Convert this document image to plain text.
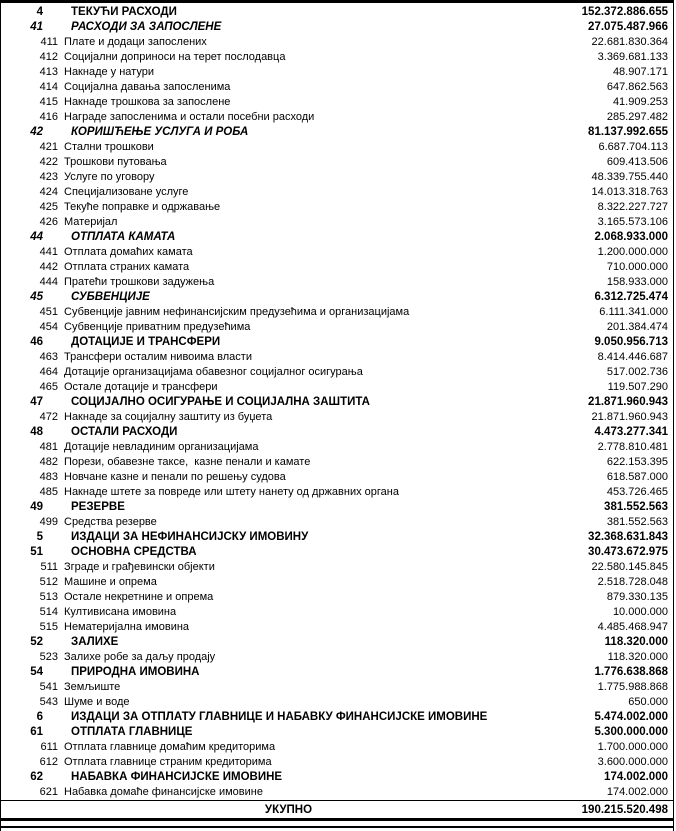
4	ТЕКУЋИ РАСХОДИ	152.372.886.655
41	РАСХОДИ ЗА ЗАПОСЛЕНЕ	27.075.487.966
411 Плате и додаци запослених	22.681.830.364
412 Социјални доприноси на терет послодавца	3.369.681.133
413 Накнаде у натури	48.907.171
414 Социјална давања запосленима	647.862.563
415 Накнаде трошкова за запослене	41.909.253
416 Награде запосленима и остали посебни расходи	285.297.482
42	КОРИШЋЕЊЕ УСЛУГА И РОБА	81.137.992.655
421 Стални трошкови	6.687.704.113
422 Трошкови путовања	609.413.506
423 Услуге по уговору	48.339.755.440
424 Специјализоване услуге	14.013.318.763
425 Текуће поправке и одржавање	8.322.227.727
426 Материјал	3.165.573.106
44	ОТПЛАТА КАМАТА	2.068.933.000
441 Отплата домаћих камата	1.200.000.000
442 Отплата страних камата	710.000.000
444 Пратећи трошкови задужења	158.933.000
45	СУБВЕНЦИЈЕ	6.312.725.474
451 Субвенције јавним нефинансијским предузећима и организацијама	6.111.341.000
454 Субвенције приватним предузећима	201.384.474
46	ДОТАЦИЈЕ И ТРАНСФЕРИ	9.050.956.713
463 Трансфери осталим нивоима власти	8.414.446.687
464 Дотације организацијама обавезног социјалног осигурања	517.002.736
465 Остале дотације и трансфери	119.507.290
47	СОЦИЈАЛНО ОСИГУРАЊЕ И СОЦИЈАЛНА ЗАШТИТА	21.871.960.943
472 Накнаде за социјалну заштиту из буџета	21.871.960.943
48	ОСТАЛИ РАСХОДИ	4.473.277.341
481 Дотације невладиним организацијама	2.778.810.481
482 Порези, обавезне таксе,  казне пенали и камате	622.153.395
483 Новчане казне и пенали по решењу судова	618.587.000
485 Накнаде штете за повреде или штету нанету од државних органа	453.726.465
49	РЕЗЕРВЕ	381.552.563
499 Средства резерве	381.552.563
5	ИЗДАЦИ ЗА НЕФИНАНСИЈСКУ ИМОВИНУ	32.368.631.843
51	ОСНОВНА СРЕДСТВА	30.473.672.975
511 Зграде и грађевински објекти	22.580.145.845
512 Машине и опрема	2.518.728.048
513 Остале некретнине и опрема	879.330.135
514 Култивисана имовина	10.000.000
515 Нематеријална имовина	4.485.468.947
52	ЗАЛИХЕ	118.320.000
523 Залихе робе за даљу продају	118.320.000
54	ПРИРОДНА ИМОВИНА	1.776.638.868
541 Земљиште	1.775.988.868
543 Шуме и воде	650.000
6	ИЗДАЦИ ЗА ОТПЛАТУ ГЛАВНИЦЕ И НАБАВКУ ФИНАНСИЈСКЕ ИМОВИНЕ	5.474.002.000
61	ОТПЛАТА ГЛАВНИЦЕ	5.300.000.000
611 Отплата главнице домаћим кредиторима	1.700.000.000
612 Отплата главнице страним кредиторима	3.600.000.000
62	НАБАВКА ФИНАНСИЈСКЕ ИМОВИНЕ	174.002.000
621 Набавка домаће финансијске имовине	174.002.000
УКУПНО	190.215.520.498
